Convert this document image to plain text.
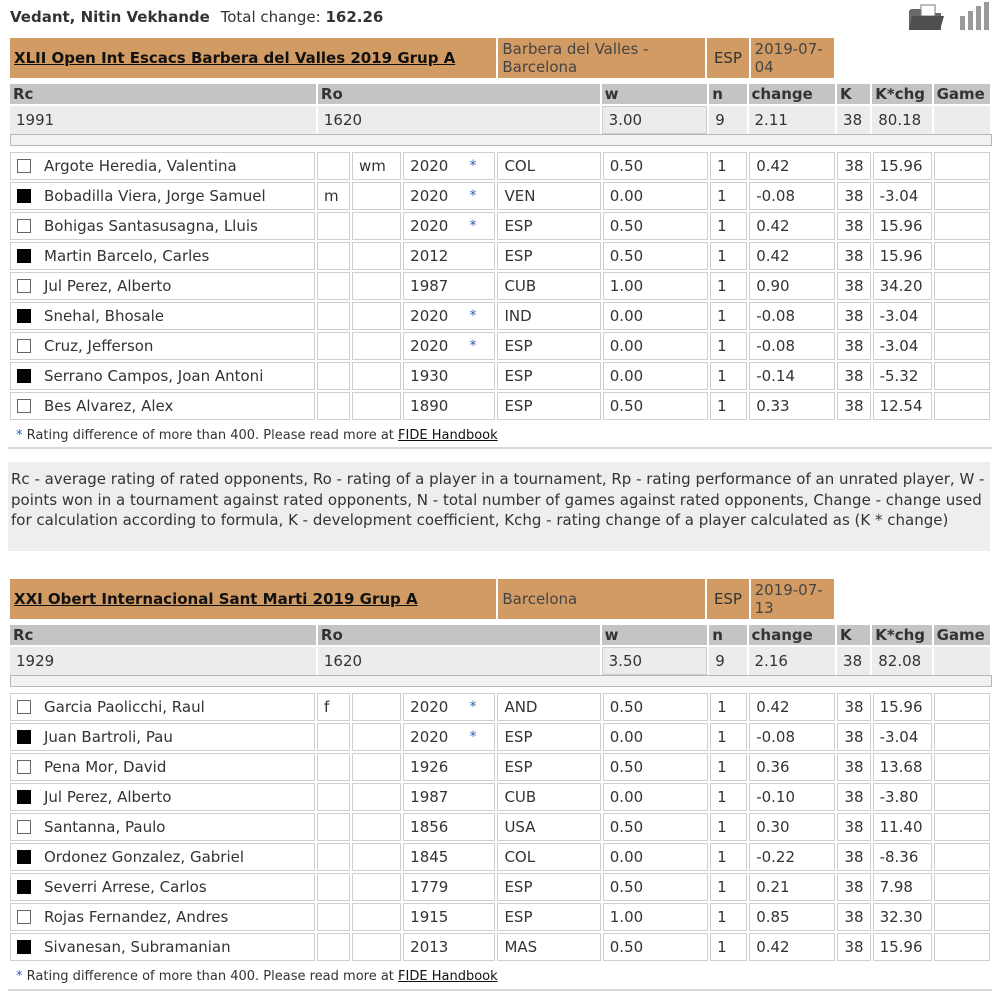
Vedant, Nitin Vekhande Total change: 162.26
XLII Open Int Escacs Barbera del Valles 2019 Grup A	Barbera del Valles - Barcelona	ESP	2019-07-04
Rc	Ro	w	n	change	K	K*chg	Game
1991	1620	3.00	9	2.11	38	80.18	
Argote Heredia, Valentina		wm	2020 *	COL	0.50	1	0.42	38	15.96	
Bobadilla Viera, Jorge Samuel	m		2020 *	VEN	0.00	1	-0.08	38	-3.04	
Bohigas Santasusagna, Lluis			2020 *	ESP	0.50	1	0.42	38	15.96	
Martin Barcelo, Carles			2012	ESP	0.50	1	0.42	38	15.96	
Jul Perez, Alberto			1987	CUB	1.00	1	0.90	38	34.20	
Snehal, Bhosale			2020 *	IND	0.00	1	-0.08	38	-3.04	
Cruz, Jefferson			2020 *	ESP	0.00	1	-0.08	38	-3.04	
Serrano Campos, Joan Antoni			1930	ESP	0.00	1	-0.14	38	-5.32	
Bes Alvarez, Alex			1890	ESP	0.50	1	0.33	38	12.54	
* Rating difference of more than 400. Please read more at FIDE Handbook
Rc - average rating of rated opponents, Ro - rating of a player in a tournament, Rp - rating performance of an unrated player, W - points won in a tournament against rated opponents, N - total number of games against rated opponents, Change - change used for calculation according to formula, K - development coefficient, Kchg - rating change of a player calculated as (K * change)
XXI Obert Internacional Sant Marti 2019 Grup A	Barcelona	ESP	2019-07-13
Rc	Ro	w	n	change	K	K*chg	Game
1929	1620	3.50	9	2.16	38	82.08	
Garcia Paolicchi, Raul	f		2020 *	AND	0.50	1	0.42	38	15.96	
Juan Bartroli, Pau			2020 *	ESP	0.00	1	-0.08	38	-3.04	
Pena Mor, David			1926	ESP	0.50	1	0.36	38	13.68	
Jul Perez, Alberto			1987	CUB	0.00	1	-0.10	38	-3.80	
Santanna, Paulo			1856	USA	0.50	1	0.30	38	11.40	
Ordonez Gonzalez, Gabriel			1845	COL	0.00	1	-0.22	38	-8.36	
Severri Arrese, Carlos			1779	ESP	0.50	1	0.21	38	7.98	
Rojas Fernandez, Andres			1915	ESP	1.00	1	0.85	38	32.30	
Sivanesan, Subramanian			2013	MAS	0.50	1	0.42	38	15.96	
* Rating difference of more than 400. Please read more at FIDE Handbook
